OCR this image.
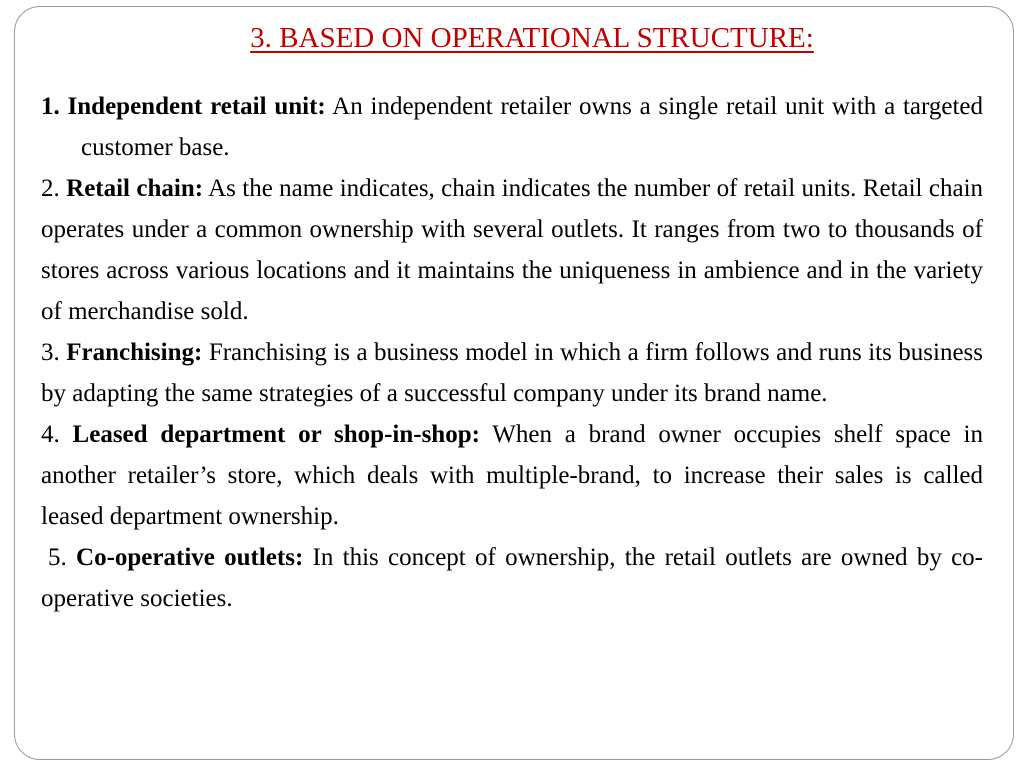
3. BASED ON OPERATIONAL STRUCTURE:

1. Independent retail unit: An independent retailer owns a single retail unit with a targeted customer base.

2. Retail chain: As the name indicates, chain indicates the number of retail units. Retail chain operates under a common ownership with several outlets. It ranges from two to thousands of stores across various locations and it maintains the uniqueness in ambience and in the variety of merchandise sold.

3. Franchising: Franchising is a business model in which a firm follows and runs its business by adapting the same strategies of a successful company under its brand name.

4. Leased department or shop-in-shop: When a brand owner occupies shelf space in another retailer’s store, which deals with multiple-brand, to increase their sales is called leased department ownership.

5. Co-operative outlets: In this concept of ownership, the retail outlets are owned by co-operative societies.
